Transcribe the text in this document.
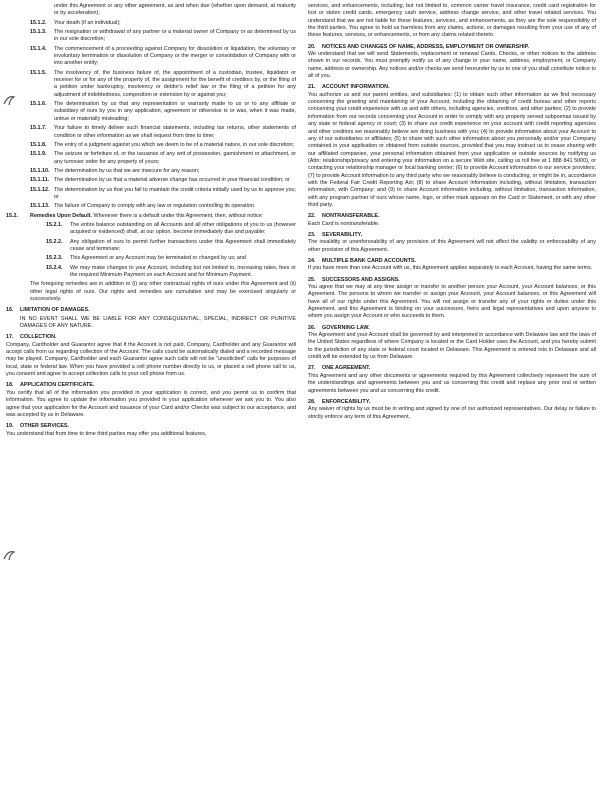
under this Agreement or any other agreement, as and when due (whether upon demand, at maturity or by acceleration);

15.1.2.	Your death (if an individual);
15.1.3.	The resignation or withdrawal of any partner or a material owner of Company or as determined by us in our sole discretion;
15.1.4.	The commencement of a proceeding against Company for dissolution or liquidation, the voluntary or involuntary termination or dissolution of Company or the merger or consolidation of Company with or into another entity;
15.1.5.	The insolvency of, the business failure of, the appointment of a custodian, trustee, liquidator or receiver for or for any of the property of, the assignment for the benefit of creditors by, or the filing of a petition under bankruptcy, insolvency or debtor's relief law or the filing of a petition for any adjustment of indebtedness, composition or extension by or against you;
15.1.6.	The determination by us that any representation or warranty made to us or to any affiliate or subsidiary of ours by you in any application, agreement or otherwise is or was, when it was made, untrue or materially misleading;
15.1.7.	Your failure to timely deliver such financial statements, including tax returns, other statements of condition or other information as we shall request from time to time;
15.1.8.	The entry of a judgment against you which we deem to be of a material nature, in our sole discretion;
15.1.9.	The seizure or forfeiture of, or the issuance of any writ of possession, garnishment or attachment, or any turnover order for any property of yours;
15.1.10. The determination by us that we are insecure for any reason;
15.1.11. The determination by us that a material adverse change has occurred in your financial condition; or
15.1.12. The determination by us that you fail to maintain the credit criteria initially used by us to approve you; or
15.1.13. The failure of Company to comply with any law or regulation controlling its operation.
15.2.	Remedies Upon Default. Whenever there is a default under this Agreement, then, without notice:
15.2.1.	The entire balance outstanding on all Accounts and all other obligations of you to us (however acquired or evidenced) shall, at our option, become immediately due and payable;
15.2.2.	Any obligation of ours to permit further transactions under this Agreement shall immediately cease and terminate;
15.2.3.	This Agreement or any Account may be terminated or changed by us; and
15.2.4.	We may make changes to your Account, including but not limited to, increasing rates, fees or the required Minimum Payment on each Account and for Minimum Payment.

The foregoing remedies are in addition to (i) any other contractual rights of ours under this Agreement and (ii) other legal rights of ours. Our rights and remedies are cumulative and may be exercised singularly or successively.

16.	LIMITATION OF DAMAGES.

IN NO EVENT SHALL WE BE LIABLE FOR ANY CONSEQUENTIAL, SPECIAL, INDIRECT OR PUNITIVE DAMAGES OF ANY NATURE.

17.	COLLECTION.

Company, Cardholder and Guarantor agree that if the Account is not paid, Company, Cardholder and any Guarantor will accept calls from us regarding collection of the Account. The calls could be automatically dialed and a recorded message may be played. Company, Cardholder and each Guarantor agree such calls will not be "unsolicited" calls for purposes of local, state or federal law. When you have provided a cell phone number directly to us, or placed a cell phone call to us, you consent and agree to accept collection calls to your cell phone from us.

18.	APPLICATION CERTIFICATE.

You certify that all of the information you provided in your application is correct, and you permit us to confirm that information. You agree to update the information you provided in your application whenever we ask you to. You also agree that your application for the Account and issuance of your Card and/or Checks was subject to our acceptance, and was accepted by us in Delaware.

19.	OTHER SERVICES.

You understand that from time to time third parties may offer you additional features,

services, and enhancements, including, but not limited to, common carrier travel insurance, credit card registration for lost or stolen credit cards, emergency cash service, address change service, and other travel related services. You understand that we are not liable for these features, services, and enhancements, as they are the sole responsibility of the third parties. You agree to hold us harmless from any claims, actions, or damages resulting from your use of any of these features, services, or enhancements, or from any claims related thereto.

20.	NOTICES AND CHANGES OF NAME, ADDRESS, EMPLOYMENT OR OWNERSHIP.

We understand that we will send Statements, replacement or renewal Cards, Checks, or other notices to the address shown in our records. You must promptly notify us of any change in your name, address, employment, or Company name, address or ownership. Any notices and/or checks we send hereunder by us to one of you shall constitute notice to all of you.

21.	ACCOUNT INFORMATION.

You authorize us and our parent entities, and subsidiaries: (1) to obtain such other information as we find necessary concerning the granting and maintaining of your Account, including the obtaining of credit bureau and other reports concerning your credit experience with us and with others, including agencies, creditors, and other parties; (2) to provide information from our records concerning your Account in order to comply with any properly served subpoenas issued by any state or federal agency or court; (3) to share our credit experience on your account with credit reporting agencies and other creditors we reasonably believe are doing business with you; (4) to provide information about your Account to any of our subsidiaries or affiliates; (5) to share with such other information about you personally and/or your Company contained in your application or obtained from outside sources, provided that you may instruct us to cease sharing with our affiliated companies, your personal information obtained from your application or outside sources by notifying us (Attn: relationship/privacy and entering your information on a secure Web site, calling us toll free at 1 888 841 5000), or contacting your relationship manager or local banking center; (6) to provide Account information to our service providers; (7) to provide Account information to any third party who we reasonably believe is conducting, or might be in, accordance with the Federal Fair Credit Reporting Act; (8) to share Account information including, without limitation, transaction information, with Company; and (9) to share Account information including, without limitation, transaction information, with any program partner of ours whose name, logo, or other mark appears on the Card or Statement, or with any other third party.

22.	NONTRANSFERABLE.

Each Card is nontransferable.

23.	SEVERABILITY.

The invalidity or unenforceability of any provision of this Agreement will not affect the validity or enforceability of any other provision of this Agreement.

24.	MULTIPLE BANK CARD ACCOUNTS.

If you have more than one Account with us, this Agreement applies separately to each Account, having the same terms.

25.	SUCCESSORS AND ASSIGNS.

You agree that we may at any time assign or transfer to another person your Account, your Account balances, or this Agreement. The persons to whom we transfer or assign your Account, your Account balances, or this Agreement will have all of our rights under this Agreement. You will not assign or transfer any of your rights or duties under this Agreement, and this Agreement is binding on your successors, heirs and legal representatives and upon anyone to whom you assign your Account or who succeeds to them.

26.	GOVERNING LAW.

The Agreement and your Account shall be governed by and interpreted in accordance with Delaware law and the laws of the United States regardless of where Company is located or the Card Holder uses the Account, and you hereby submit to the jurisdiction of any state or federal court located in Delaware. This Agreement is entered into in Delaware and all credit will be extended by us from Delaware.

27.	ONE AGREEMENT.

This Agreement and any other documents or agreements required by this Agreement collectively represent the sum of the understandings and agreements between you and us concerning this credit and replace any prior oral or written agreements between you and us concerning this credit.

28.	ENFORCEABILITY.

Any waiver of rights by us must be in writing and signed by one of our authorized representatives. Our delay or failure to strictly enforce any term of this Agreement,
